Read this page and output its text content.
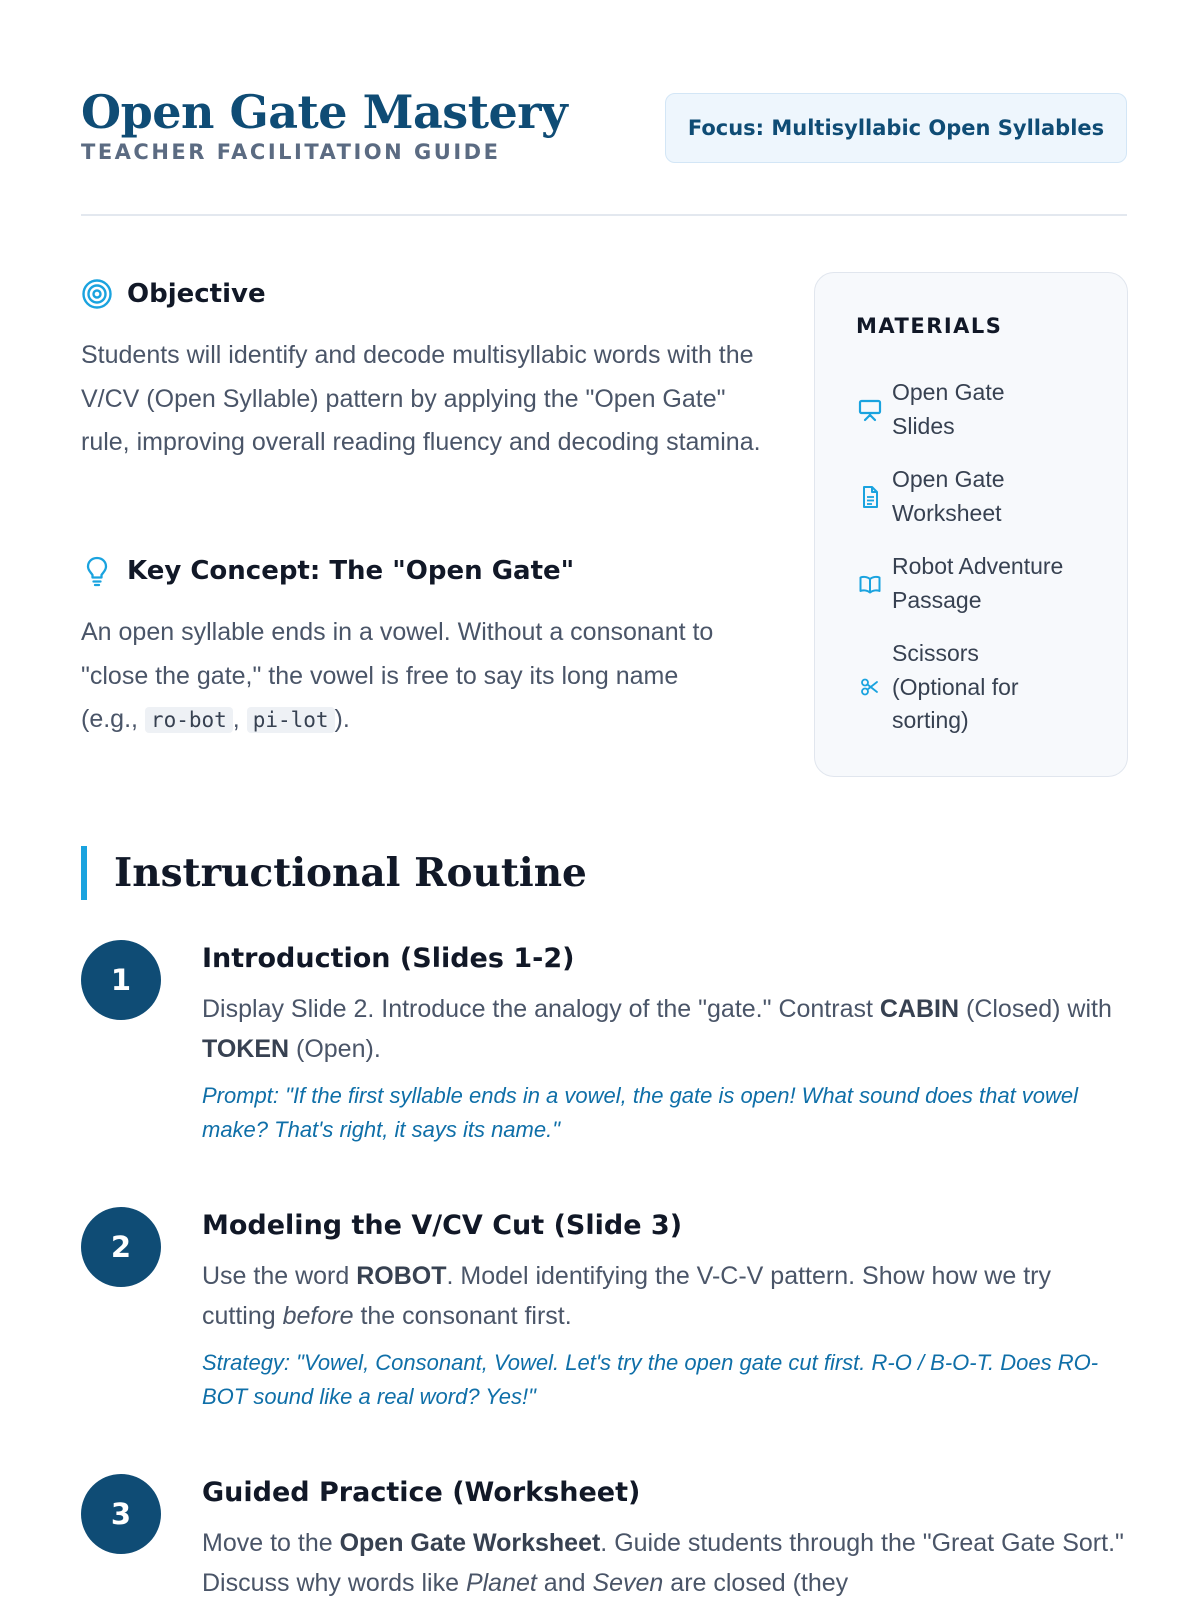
Open Gate Mastery
TEACHER FACILITATION GUIDE
Focus: Multisyllabic Open Syllables
Objective

Students will identify and decode multisyllabic words with the V/CV (Open Syllable) pattern by applying the "Open Gate" rule, improving overall reading fluency and decoding stamina.

Key Concept: The "Open Gate"

An open syllable ends in a vowel. Without a consonant to "close the gate," the vowel is free to say its long name (e.g., ro-bot , pi-lot ).

MATERIALS
Open Gate Slides
Open Gate Worksheet
Robot Adventure Passage
Scissors (Optional for sorting)
Instructional Routine
1
Introduction (Slides 1-2)
Display Slide 2. Introduce the analogy of the "gate." Contrast CABIN (Closed) with TOKEN (Open).
Prompt: "If the first syllable ends in a vowel, the gate is open! What sound does that vowel make? That's right, it says its name."
2
Modeling the V/CV Cut (Slide 3)
Use the word ROBOT. Model identifying the V-C-V pattern. Show how we try cutting before the consonant first.
Strategy: "Vowel, Consonant, Vowel. Let's try the open gate cut first. R-O / B-O-T. Does RO-BOT sound like a real word? Yes!"
3
Guided Practice (Worksheet)
Move to the Open Gate Worksheet. Guide students through the "Great Gate Sort." Discuss why words like Planet and Seven are closed (they
